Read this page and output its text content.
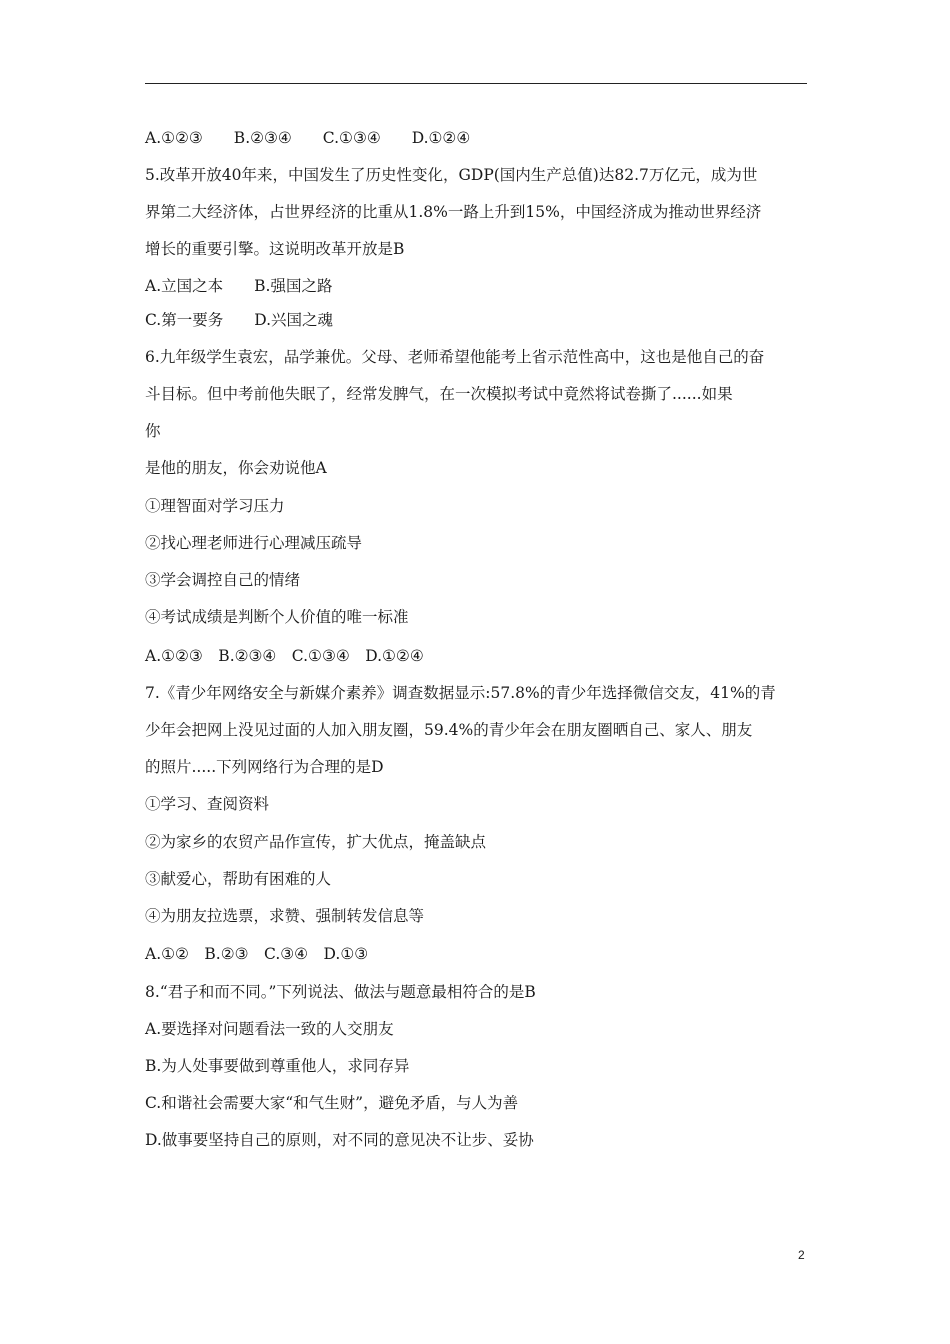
A.①②③　　B.②③④　　C.①③④　　D.①②④
5.改革开放40年来，中国发生了历史性变化，GDP(国内生产总值)达82.7万亿元，成为世
界第二大经济体，占世界经济的比重从1.8%一路上升到15%，中国经济成为推动世界经济
增长的重要引擎。这说明改革开放是B
A.立国之本　　B.强国之路
C.第一要务　　D.兴国之魂
6.九年级学生袁宏，品学兼优。父母、老师希望他能考上省示范性高中，这也是他自己的奋
斗目标。但中考前他失眠了，经常发脾气，在一次模拟考试中竟然将试卷撕了......如果
你
是他的朋友，你会劝说他A
①理智面对学习压力
②找心理老师进行心理减压疏导
③学会调控自己的情绪
④考试成绩是判断个人价值的唯一标准
A.①②③　B.②③④　C.①③④　D.①②④
7.《青少年网络安全与新媒介素养》调查数据显示:57.8%的青少年选择微信交友，41%的青
少年会把网上没见过面的人加入朋友圈，59.4%的青少年会在朋友圈晒自己、家人、朋友
的照片.....下列网络行为合理的是D
①学习、查阅资料
②为家乡的农贸产品作宣传，扩大优点，掩盖缺点
③献爱心，帮助有困难的人
④为朋友拉选票，求赞、强制转发信息等
A.①②　B.②③　C.③④　D.①③
8.“君子和而不同。”下列说法、做法与题意最相符合的是B
A.要选择对问题看法一致的人交朋友
B.为人处事要做到尊重他人，求同存异
C.和谐社会需要大家“和气生财”，避免矛盾，与人为善
D.做事要坚持自己的原则，对不同的意见决不让步、妥协
2
